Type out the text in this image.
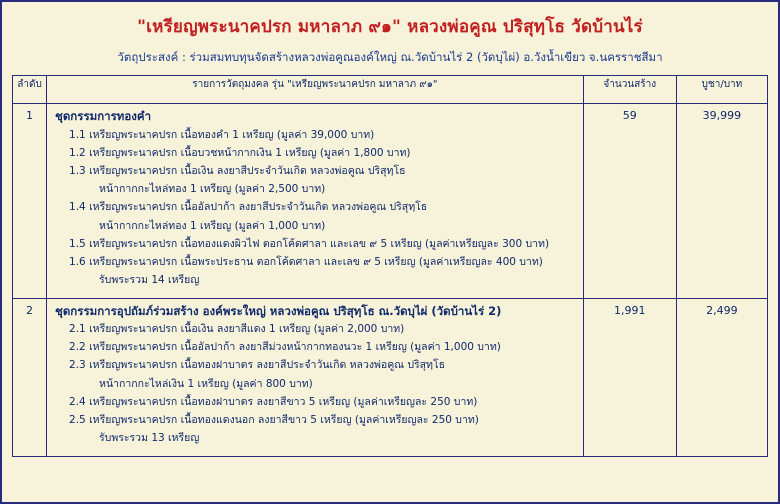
"เหรียญพระนาคปรก มหาลาภ ๙๑" หลวงพ่อคูณ ปริสุทฺโธ วัดบ้านไร่
วัตถุประสงค์ : ร่วมสมทบทุนจัดสร้างหลวงพ่อคูณองค์ใหญ่ ณ.วัดบ้านไร่ 2 (วัดบุไผ่) อ.วังน้ำเขียว จ.นครราชสีมา
ลำดับ	รายการวัตถุมงคล รุ่น "เหรียญพระนาคปรก มหาลาภ ๙๑"	จำนวนสร้าง	บูชา/บาท
1	ชุดกรรมการทองคำ
1.1 เหรียญพระนาคปรก เนื้อทองคำ 1 เหรียญ (มูลค่า 39,000 บาท)
1.2 เหรียญพระนาคปรก เนื้อบวชหน้ากากเงิน 1 เหรียญ (มูลค่า 1,800 บาท)
1.3 เหรียญพระนาคปรก เนื้อเงิน ลงยาสีประจำวันเกิด หลวงพ่อคูณ ปริสุทฺโธ
หน้ากากกะไหล่ทอง 1 เหรียญ (มูลค่า 2,500 บาท)
1.4 เหรียญพระนาคปรก เนื้ออัลปาก้า ลงยาสีประจำวันเกิด หลวงพ่อคูณ ปริสุทฺโธ
หน้ากากกะไหล่ทอง 1 เหรียญ (มูลค่า 1,000 บาท)
1.5 เหรียญพระนาคปรก เนื้อทองแดงผิวไฟ ตอกโค้ดศาลา และเลข ๙ 5 เหรียญ (มูลค่าเหรียญละ 300 บาท)
1.6 เหรียญพระนาคปรก เนื้อพระประธาน ตอกโค้ดศาลา และเลข ๙ 5 เหรียญ (มูลค่าเหรียญละ 400 บาท)
รับพระรวม 14 เหรียญ
	59	39,999
2	ชุดกรรมการอุปถัมภ์ร่วมสร้าง องค์พระใหญ่ หลวงพ่อคูณ ปริสุทฺโธ ณ.วัดบุไผ่ (วัดบ้านไร่ 2)
2.1 เหรียญพระนาคปรก เนื้อเงิน ลงยาสีแดง 1 เหรียญ (มูลค่า 2,000 บาท)
2.2 เหรียญพระนาคปรก เนื้ออัลปาก้า ลงยาสีม่วงหน้ากากทองนวะ 1 เหรียญ (มูลค่า 1,000 บาท)
2.3 เหรียญพระนาคปรก เนื้อทองฝาบาตร ลงยาสีประจำวันเกิด หลวงพ่อคูณ ปริสุทฺโธ
หน้ากากกะไหล่เงิน 1 เหรียญ (มูลค่า 800 บาท)
2.4 เหรียญพระนาคปรก เนื้อทองฝาบาตร ลงยาสีขาว 5 เหรียญ (มูลค่าเหรียญละ 250 บาท)
2.5 เหรียญพระนาคปรก เนื้อทองแดงนอก ลงยาสีขาว 5 เหรียญ (มูลค่าเหรียญละ 250 บาท)
รับพระรวม 13 เหรียญ
	1,991	2,499
